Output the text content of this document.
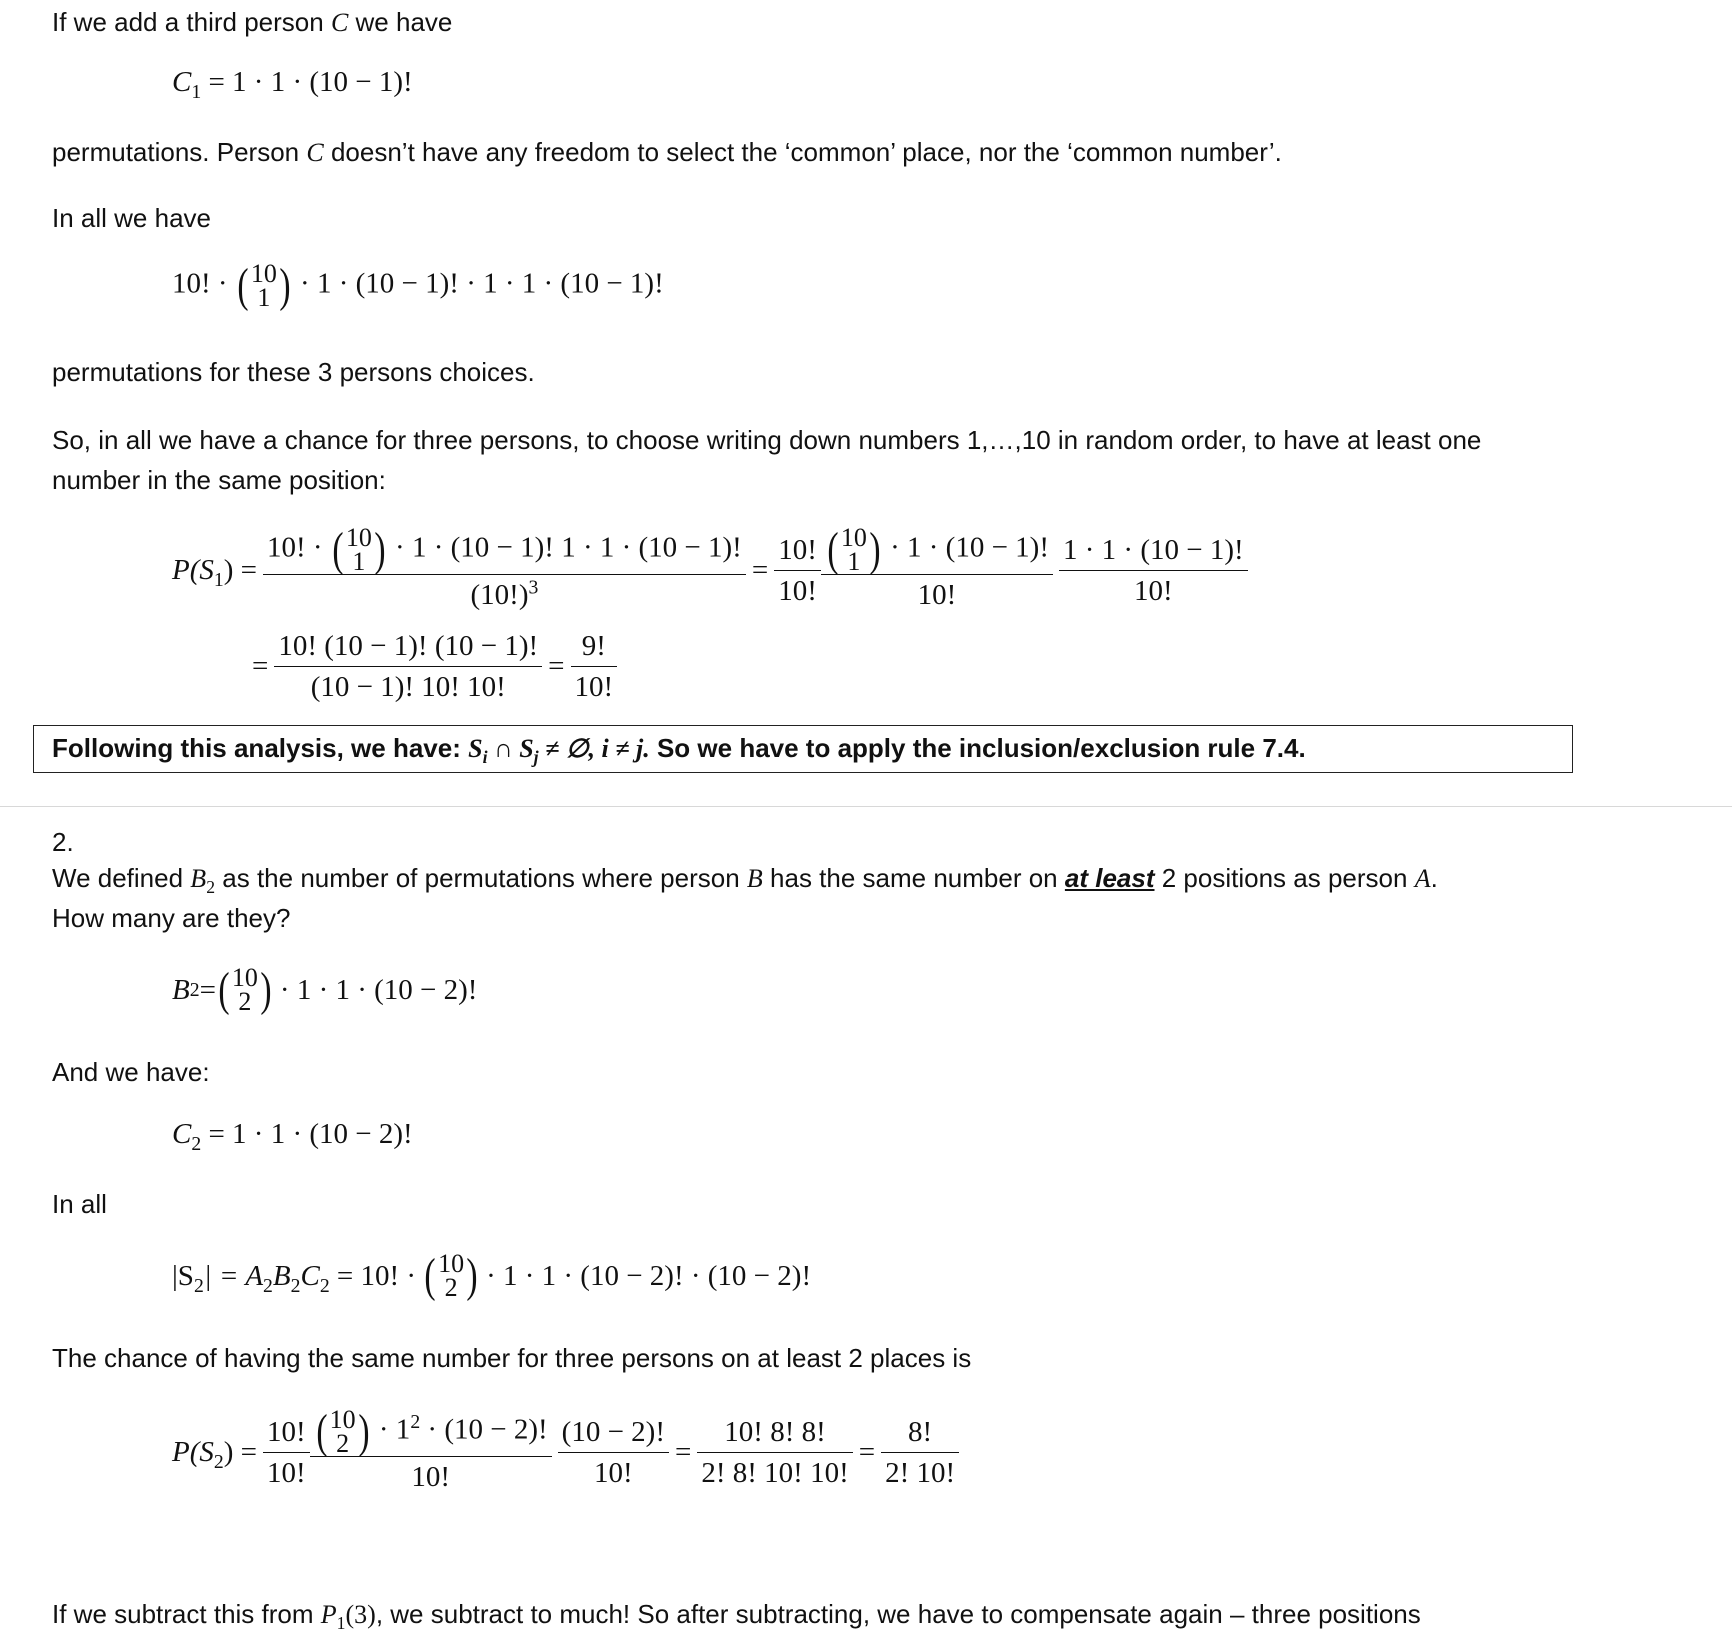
If we add a third person C we have
$C_1 = 1 \cdot 1 \cdot (10 - 1)$!
permutations. Person C doesn’t have any freedom to select the ‘common’ place, nor the ‘common number’.
In all we have
10! · ( 10
1 ) · 1 · (10 − 1)! · 1 · 1 · (10 − 1)!
permutations for these 3 persons choices.
So, in all we have a chance for three persons, to choose writing down numbers 1,…,10 in random order, to have at least one
number in the same position:
$P(S_1) = 10$! · ( 10
1 ) · 1 · (10 − 1)! 1 · 1 · (10 − 1)!
$(10!)^3 = \frac{10!}{10!}$ ( 10
1 ) · 1 · (10 − 1)!
10! $\frac{1 \cdot 1 \cdot (10 - 1)!}{10!}$
= $\frac{10! (10 - 1)! (10 - 1)!}{(10 - 1)! 10! 10!} = \frac{9!}{10!}$
Following this analysis, we have: $S_i$ ∩ $S_j$ ≠ ∅, i ≠ j. So we have to apply the inclusion/exclusion rule 7.4.
2.
We defined $B_2$ as the number of permutations where person B has the same number on at least 2 positions as person A.
How many are they?
B 2 = ( 10
2 ) · 1 · 1 · (10 − 2)!
And we have:
$C_2 = 1 \cdot 1 \cdot (10 - 2)$!
In all
$|S_2| = A_2B_2C_2 = 10$! · ( 10
2 ) · 1 · 1 · (10 − 2)! · (10 − 2)!
The chance of having the same number for three persons on at least 2 places is
$P(S_2) = \frac{10!}{10!}$ ( 10
2 ) · $1^2 \cdot (10 - 2)$!
10! $\frac{(10 - 2)!}{10!} = \frac{10! 8! 8!}{2! 8! 10! 10!} = \frac{8!}{2! 10!}$
If we subtract this from $P_1(3)$, we subtract to much! So after subtracting, we have to compensate again – three positions
